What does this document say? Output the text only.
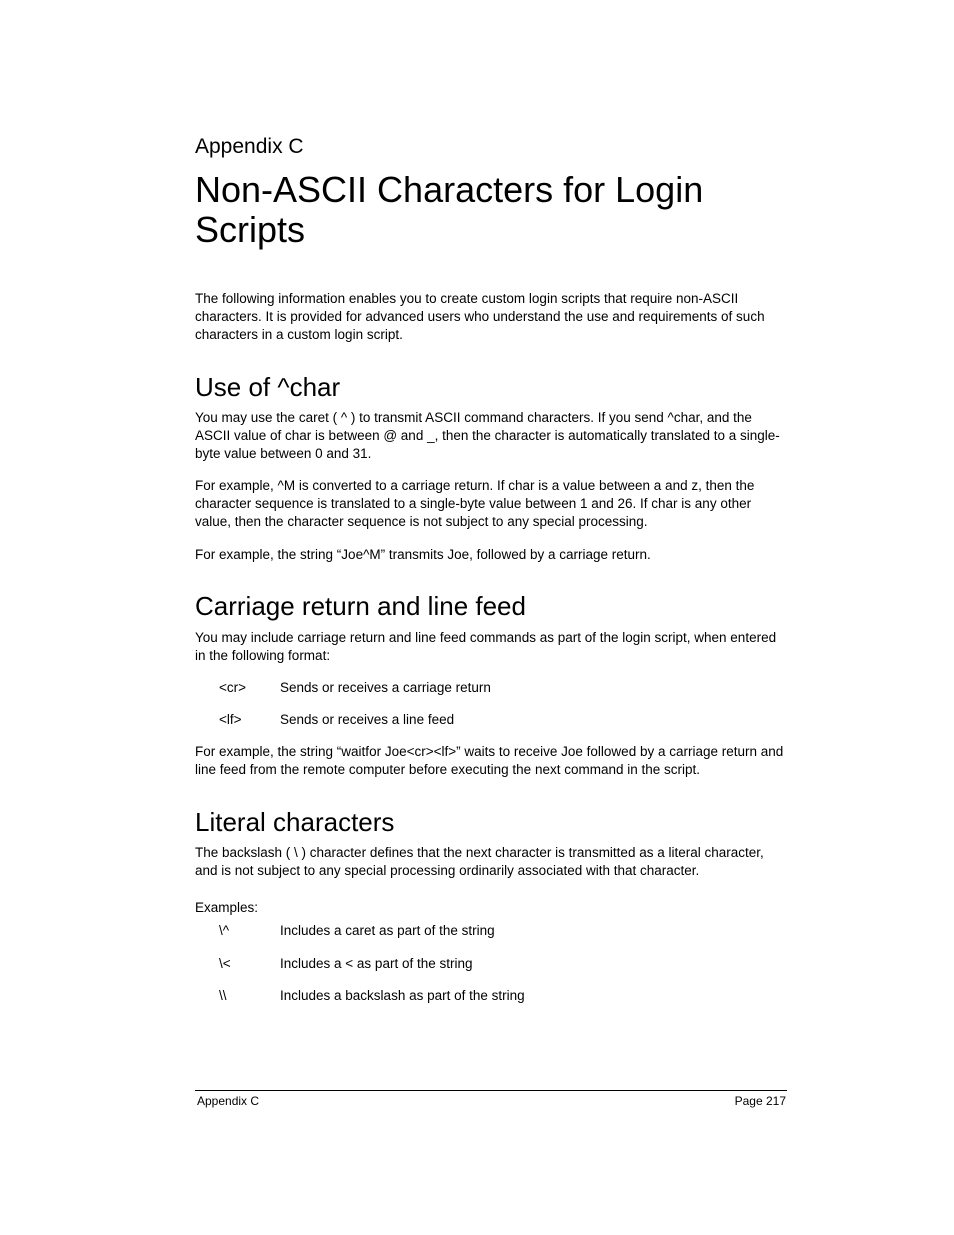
Appendix C
Non-ASCII Characters for Login Scripts

The following information enables you to create custom login scripts that require non-ASCII characters. It is provided for advanced users who understand the use and requirements of such characters in a custom login script.

Use of ^char

You may use the caret ( ^ ) to transmit ASCII command characters. If you send ^char, and the ASCII value of char is between @ and _, then the character is automatically translated to a single-byte value between 0 and 31.

For example, ^M is converted to a carriage return. If char is a value between a and z, then the character sequence is translated to a single-byte value between 1 and 26. If char is any other value, then the character sequence is not subject to any special processing.

For example, the string “Joe^M” transmits Joe, followed by a carriage return.

Carriage return and line feed

You may include carriage return and line feed commands as part of the login script, when entered in the following format:

<cr>	Sends or receives a carriage return
<lf>	Sends or receives a line feed

For example, the string “waitfor Joe<cr><lf>” waits to receive Joe followed by a carriage return and line feed from the remote computer before executing the next command in the script.

Literal characters

The backslash ( \ ) character defines that the next character is transmitted as a literal character, and is not subject to any special processing ordinarily associated with that character.

Examples:
\^	Includes a caret as part of the string
\<	Includes a < as part of the string
\\	Includes a backslash as part of the string
Appendix C	Page 217
